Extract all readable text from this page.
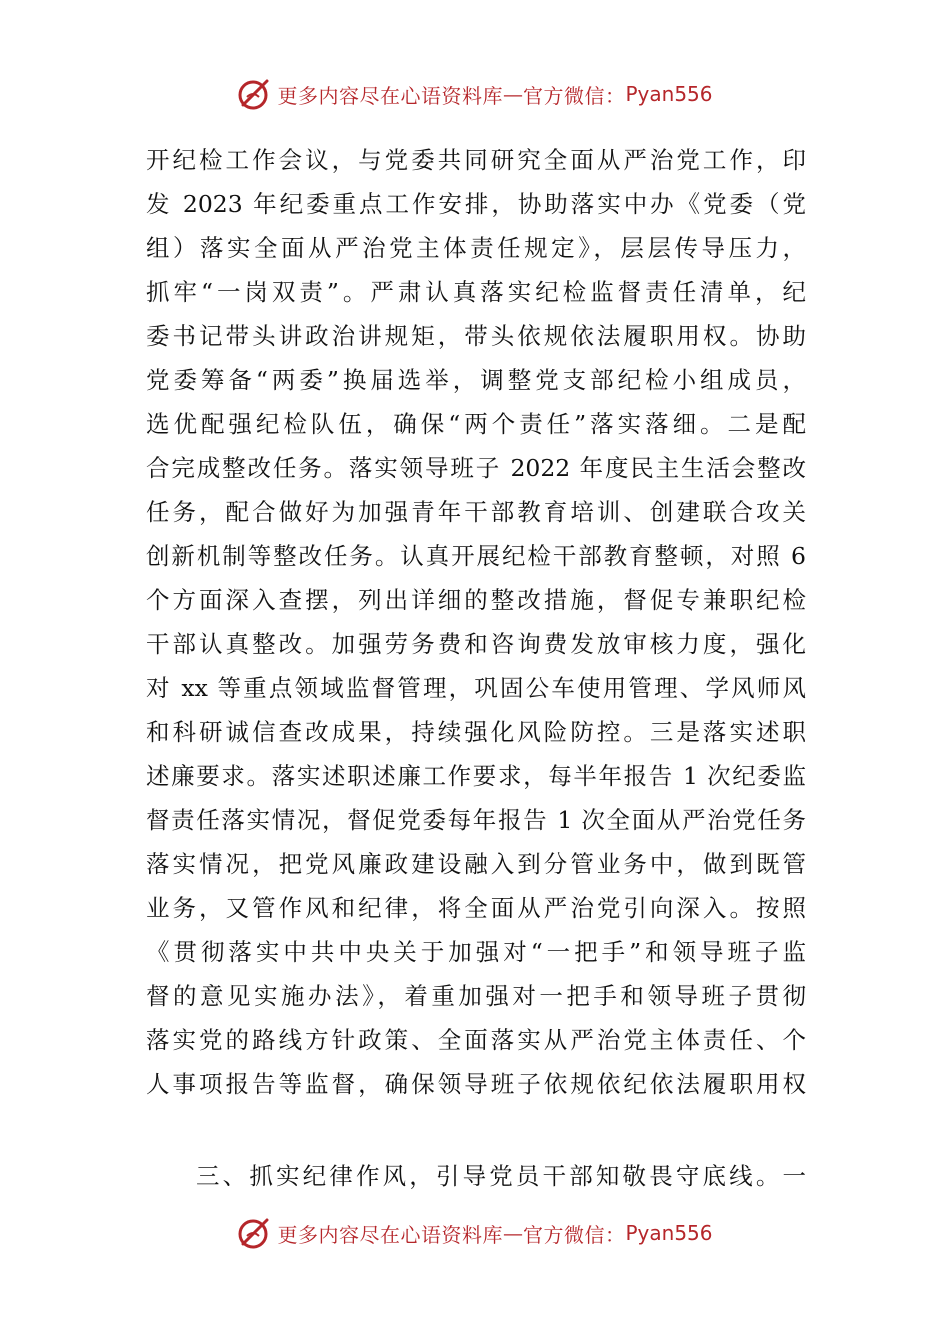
更多内容尽在心语资料库 — 官方微信： Pyan556
开纪检工作会议，与党委共同研究全面从严治党工作，印
发 2023 年纪委重点工作安排，协助落实中办《党委（党
组）落实全面从严治党主体责任规定》，层层传导压力，
抓牢“一岗双责”。严肃认真落实纪检监督责任清单，纪
委书记带头讲政治讲规矩，带头依规依法履职用权。协助
党委筹备“两委”换届选举，调整党支部纪检小组成员，
选优配强纪检队伍，确保“两个责任”落实落细。二是配
合完成整改任务。落实领导班子 2022 年度民主生活会整改
任务，配合做好为加强青年干部教育培训、创建联合攻关
创新机制等整改任务。认真开展纪检干部教育整顿，对照 6
个方面深入查摆，列出详细的整改措施，督促专兼职纪检
干部认真整改。加强劳务费和咨询费发放审核力度，强化
对 xx 等重点领域监督管理，巩固公车使用管理、学风师风
和科研诚信查改成果，持续强化风险防控。三是落实述职
述廉要求。落实述职述廉工作要求，每半年报告 1 次纪委监
督责任落实情况，督促党委每年报告 1 次全面从严治党任务
落实情况，把党风廉政建设融入到分管业务中，做到既管
业务，又管作风和纪律，将全面从严治党引向深入。按照
《贯彻落实中共中央关于加强对“一把手”和领导班子监
督的意见实施办法》，着重加强对一把手和领导班子贯彻
落实党的路线方针政策、全面落实从严治党主体责任、个
人事项报告等监督，确保领导班子依规依纪依法履职用权
三、抓实纪律作风，引导党员干部知敬畏守底线。一
更多内容尽在心语资料库 — 官方微信： Pyan556
